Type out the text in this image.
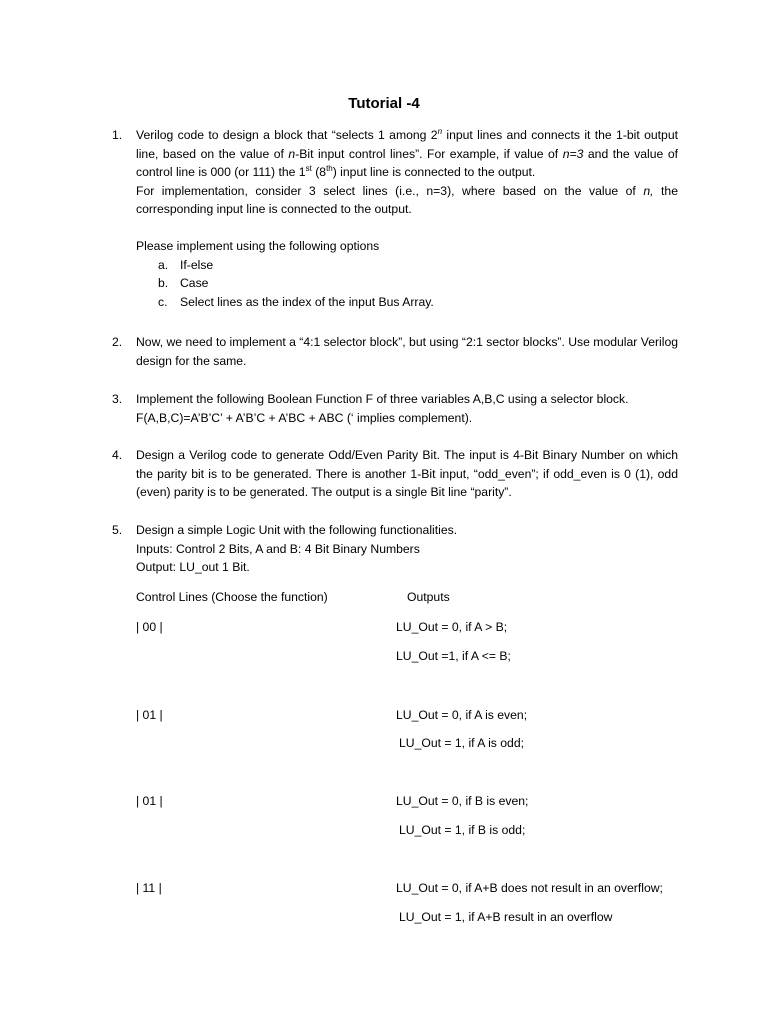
Tutorial -4
1.	Verilog code to design a block that “selects 1 among 2$^n$ input lines and connects it the 1-bit output line, based on the value of n-Bit input control lines”. For example, if value of n=3 and the value of control line is 000 (or 111) the 1st (8th) input line is connected to the output.

For implementation, consider 3 select lines (i.e., n=3), where based on the value of n, the corresponding input line is connected to the output.

Please implement using the following options

a. If-else
b. Case
c. Select lines as the index of the input Bus Array.
2.	Now, we need to implement a “4:1 selector block”, but using “2:1 sector blocks”. Use modular Verilog design for the same.

3.	Implement the following Boolean Function F of three variables A,B,C using a selector block.

F(A,B,C)=A’B’C’ + A’B’C + A’BC + ABC (‘ implies complement).

4.	Design a Verilog code to generate Odd/Even Parity Bit. The input is 4-Bit Binary Number on which the parity bit is to be generated. There is another 1-Bit input, “odd_even”; if odd_even is 0 (1), odd (even) parity is to be generated. The output is a single Bit line “parity”.

5.	Design a simple Logic Unit with the following functionalities.

Inputs: Control 2 Bits, A and B: 4 Bit Binary Numbers

Output: LU_out 1 Bit.

Control Lines (Choose the function)	Outputs
| 00 |	LU_Out = 0, if A > B;
LU_Out =1, if A <= B;
| 01 |	LU_Out = 0, if A is even;
LU_Out = 1, if A is odd;
| 01 |	LU_Out = 0, if B is even;
LU_Out = 1, if B is odd;
| 11 |	LU_Out = 0, if A+B does not result in an overflow;
LU_Out = 1, if A+B result in an overflow
